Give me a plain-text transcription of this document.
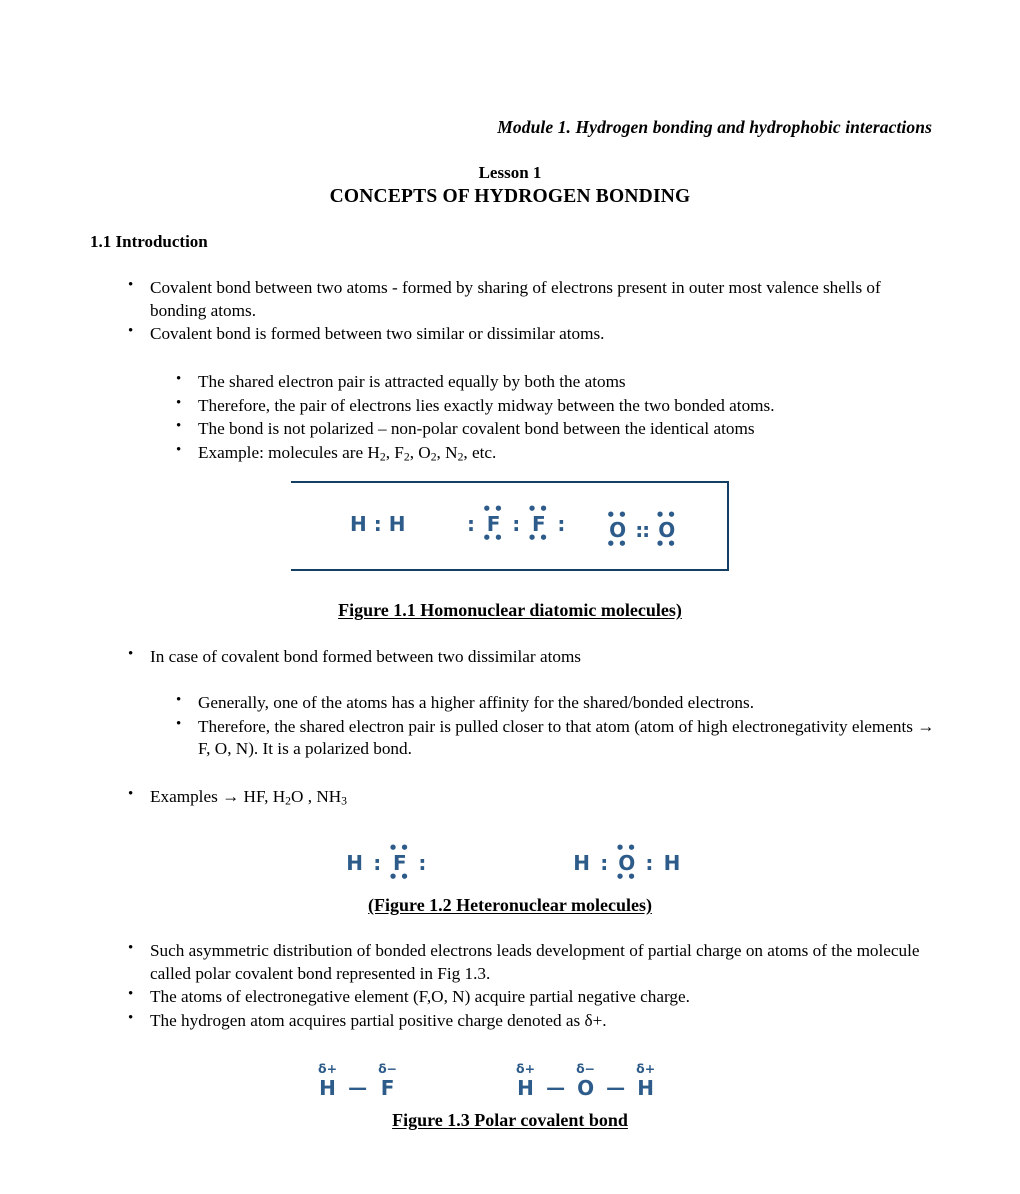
Module 1. Hydrogen bonding and hydrophobic interactions
Lesson 1
CONCEPTS OF HYDROGEN BONDING
1.1 Introduction
• Covalent bond between two atoms - formed by sharing of electrons present in outer most valence shells of bonding atoms.
• Covalent bond is formed between two similar or dissimilar atoms.
• The shared electron pair is attracted equally by both the atoms
• Therefore, the pair of electrons lies exactly midway between the two bonded atoms.
• The bond is not polarized – non-polar covalent bond between the identical atoms
• Example: molecules are $H_2$, $F_2$, $O_2$, $N_2$, etc.
H : H	:
••
F
••
:
••
F
••
:	••
O
••
::
••
O
••
Figure 1.1 Homonuclear diatomic molecules)
• In case of covalent bond formed between two dissimilar atoms
• Generally, one of the atoms has a higher affinity for the shared/bonded electrons.
• Therefore, the shared electron pair is pulled closer to that atom (atom of high electronegativity elements → F, O, N). It is a polarized bond.
• Examples → HF, $H_2O$ , $NH_3$
H :
••
F
••
:	H :
••
O
••
: H
(Figure 1.2 Heteronuclear molecules)
• Such asymmetric distribution of bonded electrons leads development of partial charge on atoms of the molecule called polar covalent bond represented in Fig 1.3.
• The atoms of electronegative element (F,O, N) acquire partial negative charge.
• The hydrogen atom acquires partial positive charge denoted as δ+.
δ+
H —
δ−
F
δ+
H —
δ−
O —
δ+
H
Figure 1.3 Polar covalent bond
